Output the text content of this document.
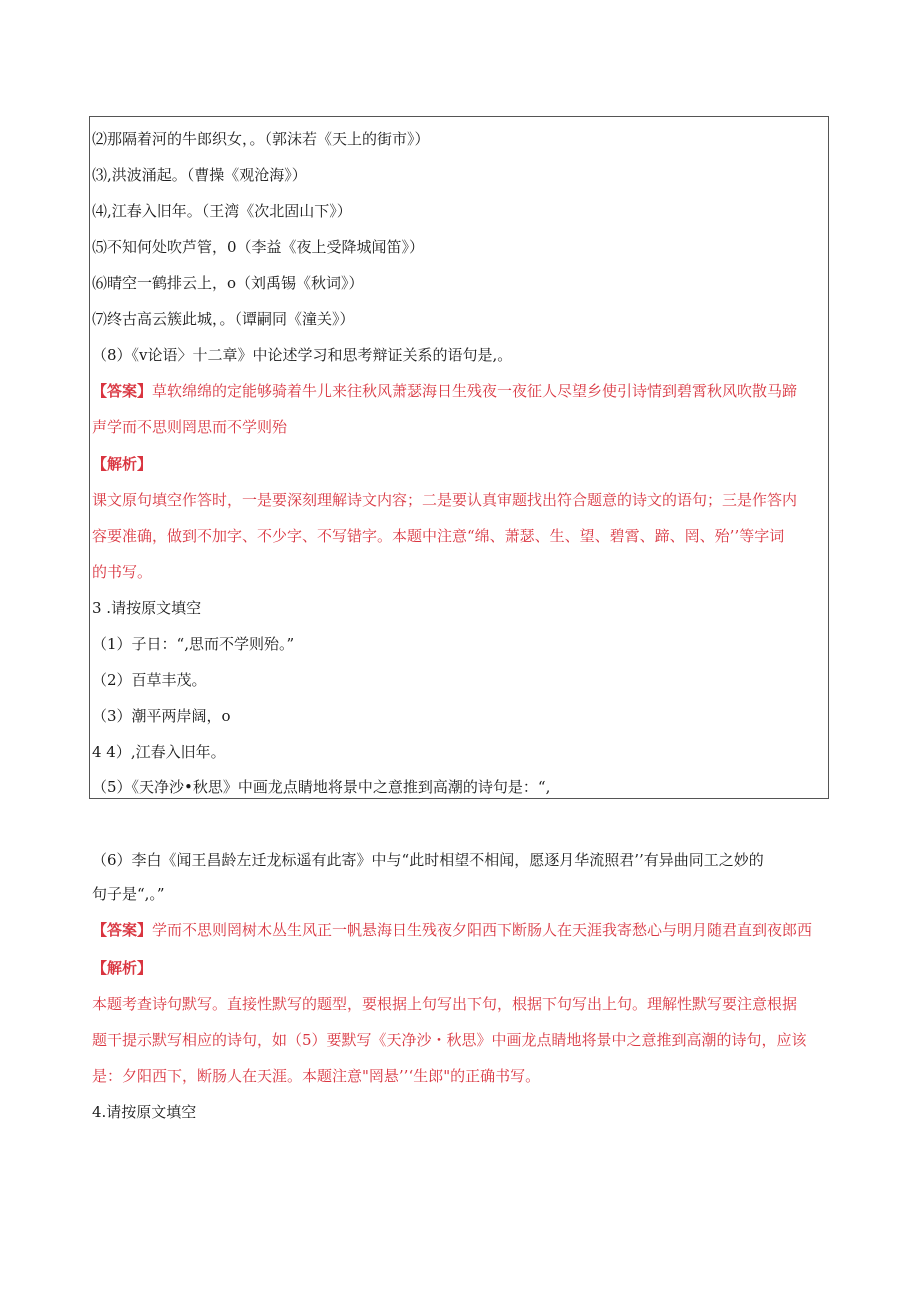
⑵那隔着河的牛郎织女，。（郭沫若《天上的街市》）
⑶,洪波涌起。（曹操《观沧海》）
⑷,江春入旧年。（王湾《次北固山下》）
⑸不知何处吹芦管，0（李益《夜上受降城闻笛》）
⑹晴空一鹤排云上，o（刘禹锡《秋词》）
⑺终古高云簇此城，。（谭嗣同《潼关》）
（8）《v论语〉十二章》中论述学习和思考辩证关系的语句是,。
【答案】草软绵绵的定能够骑着牛儿来往秋风萧瑟海日生残夜一夜征人尽望乡使引诗情到碧霄秋风吹散马蹄
声学而不思则罔思而不学则殆
【解析】
课文原句填空作答时，一是要深刻理解诗文内容；二是要认真审题找出符合题意的诗文的语句；三是作答内
容要准确，做到不加字、不少字、不写错字。本题中注意“绵、萧瑟、生、望、碧霄、蹄、罔、殆’’等字词
的书写。
3 .请按原文填空
（1）子日：“,思而不学则殆。”
（2）百草丰茂。
（3）潮平两岸阔，o
4 4）,江春入旧年。
（5）《天净沙•秋思》中画龙点睛地将景中之意推到高潮的诗句是：“,
（6）李白《闻王昌龄左迁龙标遥有此寄》中与“此时相望不相闻，愿逐月华流照君’’有异曲同工之妙的
句子是“,。”
【答案】学而不思则罔树木丛生风正一帆悬海日生残夜夕阳西下断肠人在天涯我寄愁心与明月随君直到夜郎西
【解析】
本题考查诗句默写。直接性默写的题型，要根据上句写出下句，根据下句写出上句。理解性默写要注意根据
题干提示默写相应的诗句，如（5）要默写《天净沙・秋思》中画龙点睛地将景中之意推到高潮的诗句，应该
是：夕阳西下，断肠人在天涯。本题注意"罔悬’’‘生郎"的正确书写。
4.请按原文填空
